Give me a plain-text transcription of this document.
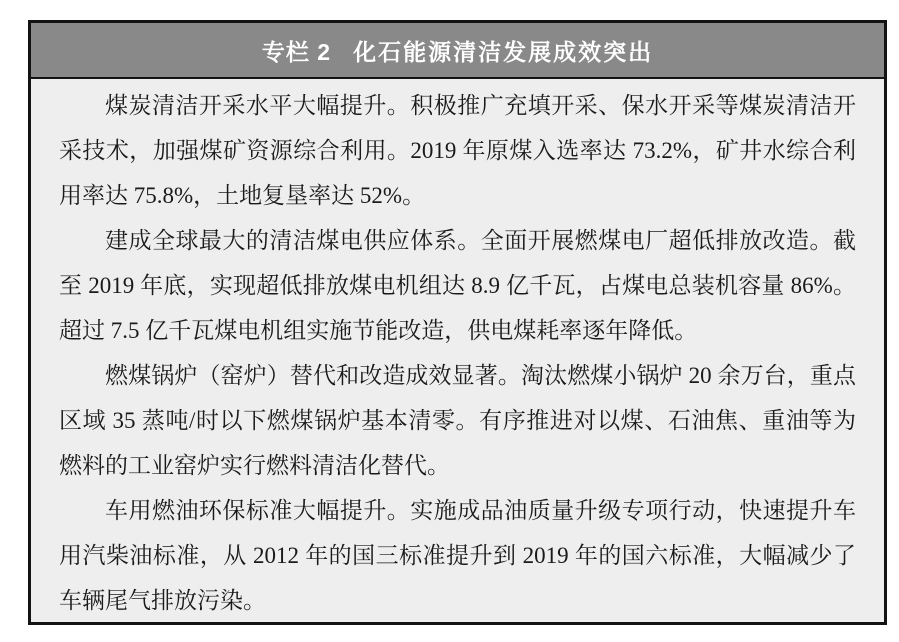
专栏 2 化石能源清洁发展成效突出

煤炭清洁开采水平大幅提升。积极推广充填开采、保水开采等煤炭清洁开采技术，加强煤矿资源综合利用。2019 年原煤入选率达 73.2%，矿井水综合利用率达 75.8%，土地复垦率达 52%。

建成全球最大的清洁煤电供应体系。全面开展燃煤电厂超低排放改造。截至 2019 年底，实现超低排放煤电机组达 8.9 亿千瓦，占煤电总装机容量 86%。超过 7.5 亿千瓦煤电机组实施节能改造，供电煤耗率逐年降低。

燃煤锅炉（窑炉）替代和改造成效显著。淘汰燃煤小锅炉 20 余万台，重点区域 35 蒸吨/时以下燃煤锅炉基本清零。有序推进对以煤、石油焦、重油等为燃料的工业窑炉实行燃料清洁化替代。

车用燃油环保标准大幅提升。实施成品油质量升级专项行动，快速提升车用汽柴油标准，从 2012 年的国三标准提升到 2019 年的国六标准，大幅减少了车辆尾气排放污染。
